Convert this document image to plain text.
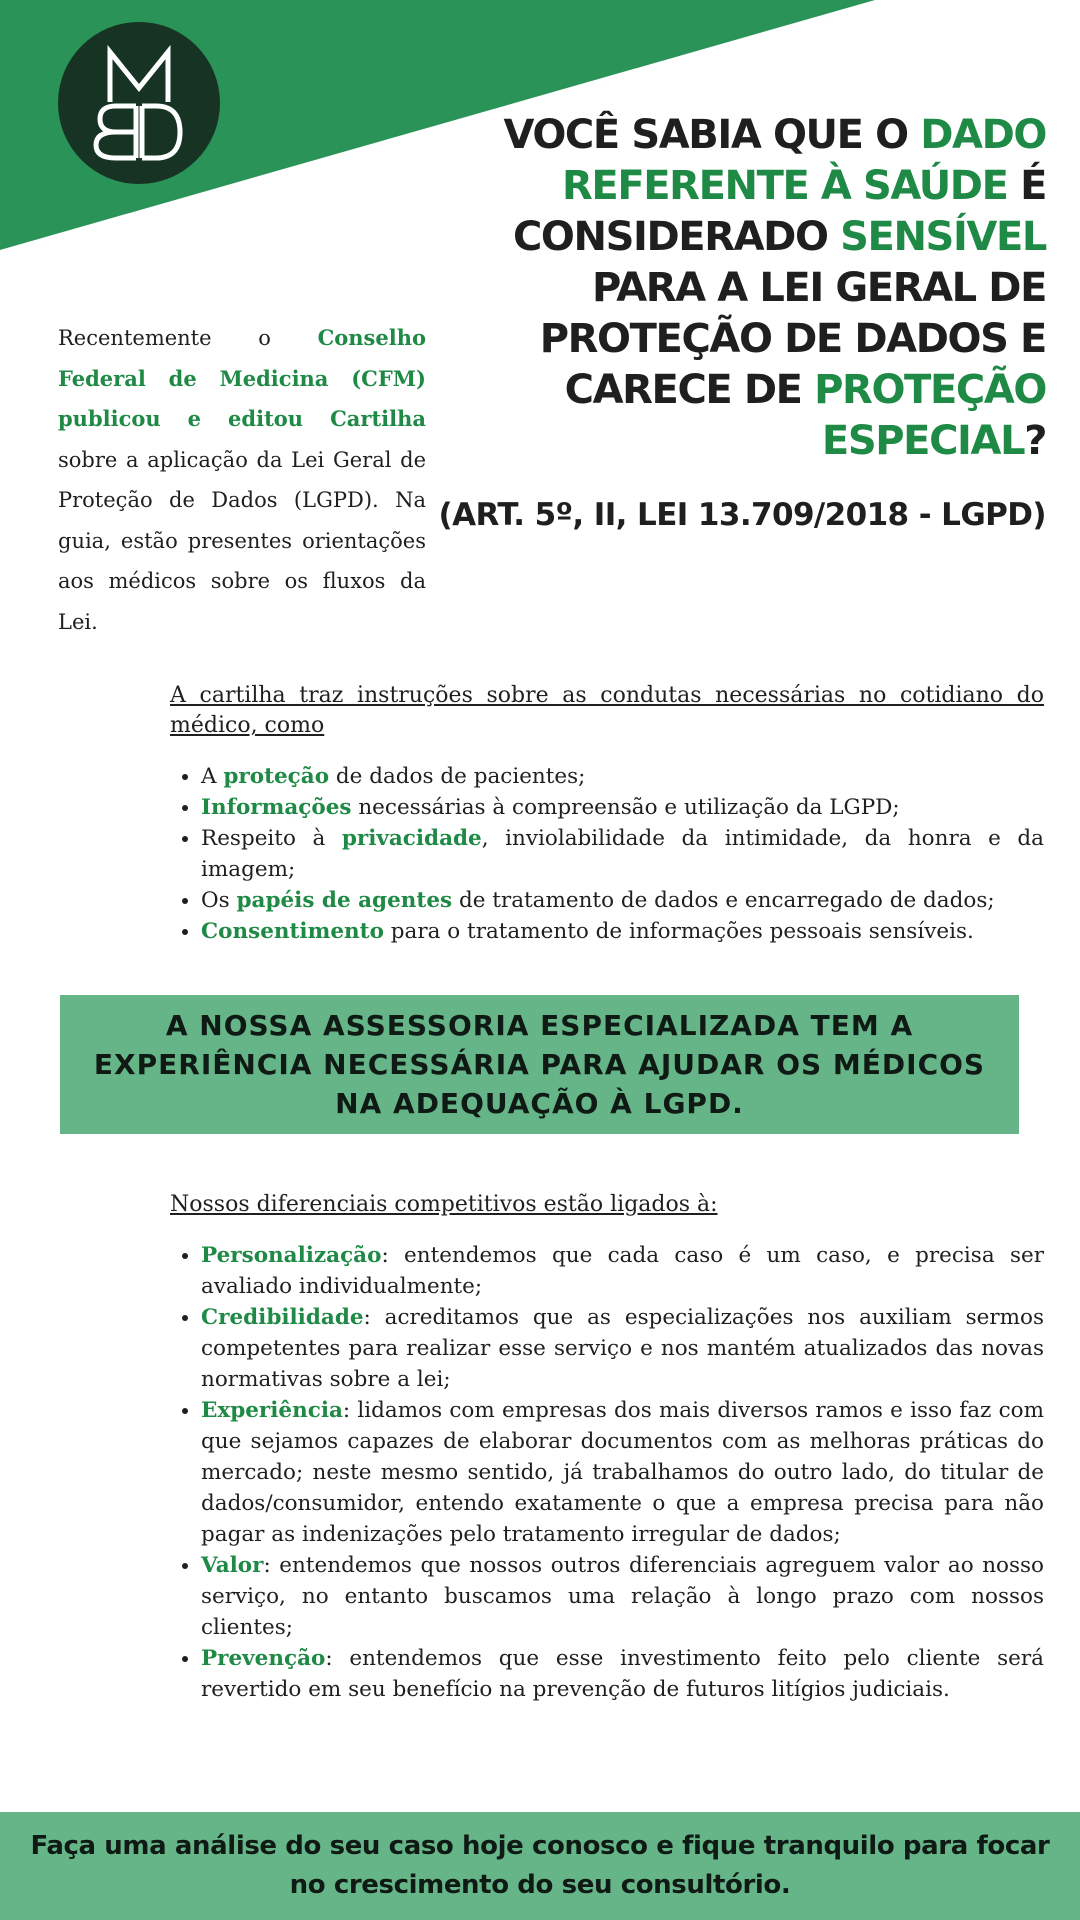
VOCÊ SABIA QUE O DADO REFERENTE À SAÚDE É CONSIDERADO SENSÍVEL PARA A LEI GERAL DE PROTEÇÃO DE DADOS E CARECE DE PROTEÇÃO ESPECIAL?
(ART. 5º, II, LEI 13.709/2018 - LGPD)
Recentemente o Conselho Federal de Medicina (CFM) publicou e editou Cartilha sobre a aplicação da Lei Geral de Proteção de Dados (LGPD). Na guia, estão presentes orientações aos médicos sobre os fluxos da Lei.

A cartilha traz instruções sobre as condutas necessárias no cotidiano do médico, como

• A proteção de dados de pacientes;
• Informações necessárias à compreensão e utilização da LGPD;
• Respeito à privacidade, inviolabilidade da intimidade, da honra e da imagem;
• Os papéis de agentes de tratamento de dados e encarregado de dados;
• Consentimento para o tratamento de informações pessoais sensíveis.
A NOSSA ASSESSORIA ESPECIALIZADA TEM A EXPERIÊNCIA NECESSÁRIA PARA AJUDAR OS MÉDICOS NA ADEQUAÇÃO À LGPD.

Nossos diferenciais competitivos estão ligados à:

• Personalização: entendemos que cada caso é um caso, e precisa ser avaliado individualmente;
• Credibilidade: acreditamos que as especializações nos auxiliam sermos competentes para realizar esse serviço e nos mantém atualizados das novas normativas sobre a lei;
• Experiência: lidamos com empresas dos mais diversos ramos e isso faz com que sejamos capazes de elaborar documentos com as melhoras práticas do mercado; neste mesmo sentido, já trabalhamos do outro lado, do titular de dados/consumidor, entendo exatamente o que a empresa precisa para não pagar as indenizações pelo tratamento irregular de dados;
• Valor: entendemos que nossos outros diferenciais agreguem valor ao nosso serviço, no entanto buscamos uma relação à longo prazo com nossos clientes;
• Prevenção: entendemos que esse investimento feito pelo cliente será revertido em seu benefício na prevenção de futuros litígios judiciais.
Faça uma análise do seu caso hoje conosco e fique tranquilo para focar no crescimento do seu consultório.
